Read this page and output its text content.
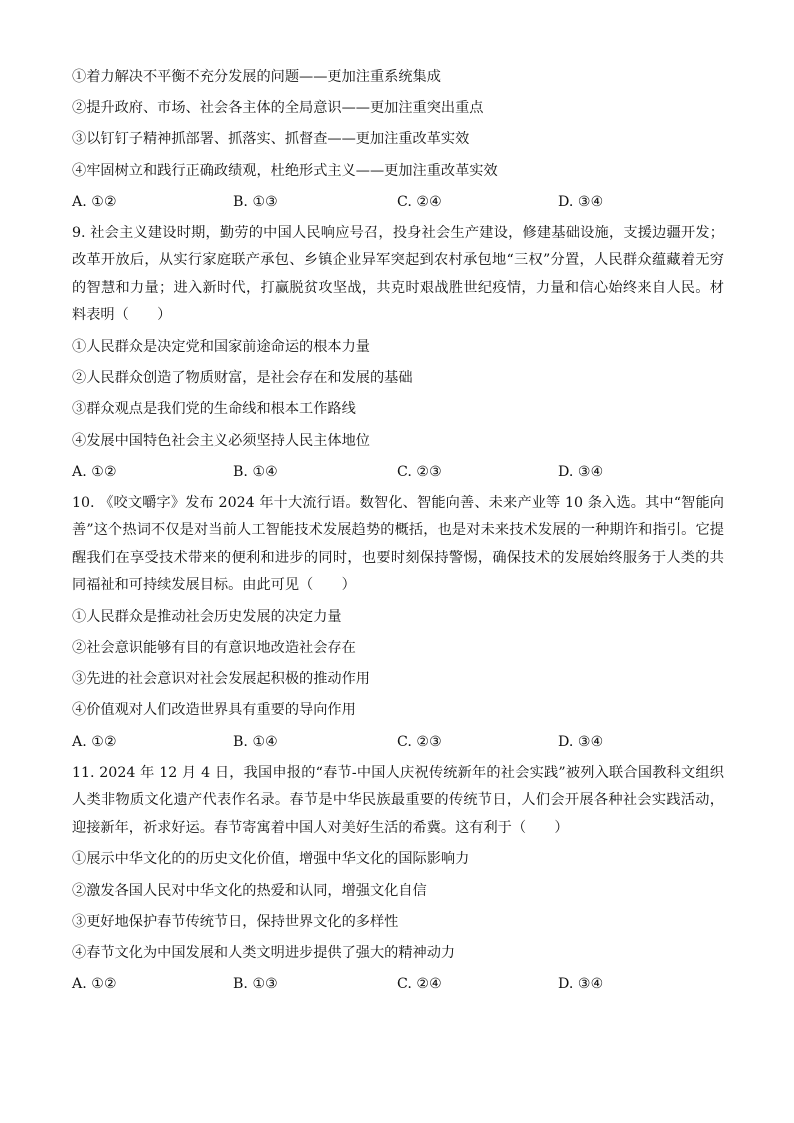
①着力解决不平衡不充分发展的问题——更加注重系统集成
②提升政府、市场、社会各主体的全局意识——更加注重突出重点
③以钉钉子精神抓部署、抓落实、抓督查——更加注重改革实效
④牢固树立和践行正确政绩观，杜绝形式主义——更加注重改革实效
A. ①②	B. ①③	C. ②④	D. ③④
9. 社会主义建设时期，勤劳的中国人民响应号召，投身社会生产建设，修建基础设施，支援边疆开发；改革开放后，从实行家庭联产承包、乡镇企业异军突起到农村承包地“三权”分置，人民群众蕴藏着无穷的智慧和力量；进入新时代，打赢脱贫攻坚战，共克时艰战胜世纪疫情，力量和信心始终来自人民。材料表明（　　）
①人民群众是决定党和国家前途命运的根本力量
②人民群众创造了物质财富，是社会存在和发展的基础
③群众观点是我们党的生命线和根本工作路线
④发展中国特色社会主义必须坚持人民主体地位
A. ①②	B. ①④	C. ②③	D. ③④
10. 《咬文嚼字》发布 2024 年十大流行语。数智化、智能向善、未来产业等 10 条入选。其中“智能向善”这个热词不仅是对当前人工智能技术发展趋势的概括，也是对未来技术发展的一种期许和指引。它提醒我们在享受技术带来的便利和进步的同时，也要时刻保持警惕，确保技术的发展始终服务于人类的共同福祉和可持续发展目标。由此可见（　　）
①人民群众是推动社会历史发展的决定力量
②社会意识能够有目的有意识地改造社会存在
③先进的社会意识对社会发展起积极的推动作用
④价值观对人们改造世界具有重要的导向作用
A. ①②	B. ①④	C. ②③	D. ③④
11. 2024 年 12 月 4 日，我国申报的“春节-中国人庆祝传统新年的社会实践”被列入联合国教科文组织人类非物质文化遗产代表作名录。春节是中华民族最重要的传统节日，人们会开展各种社会实践活动，迎接新年，祈求好运。春节寄寓着中国人对美好生活的希冀。这有利于（　　）
①展示中华文化的的历史文化价值，增强中华文化的国际影响力
②激发各国人民对中华文化的热爱和认同，增强文化自信
③更好地保护春节传统节日，保持世界文化的多样性
④春节文化为中国发展和人类文明进步提供了强大的精神动力
A. ①②	B. ①③	C. ②④	D. ③④
